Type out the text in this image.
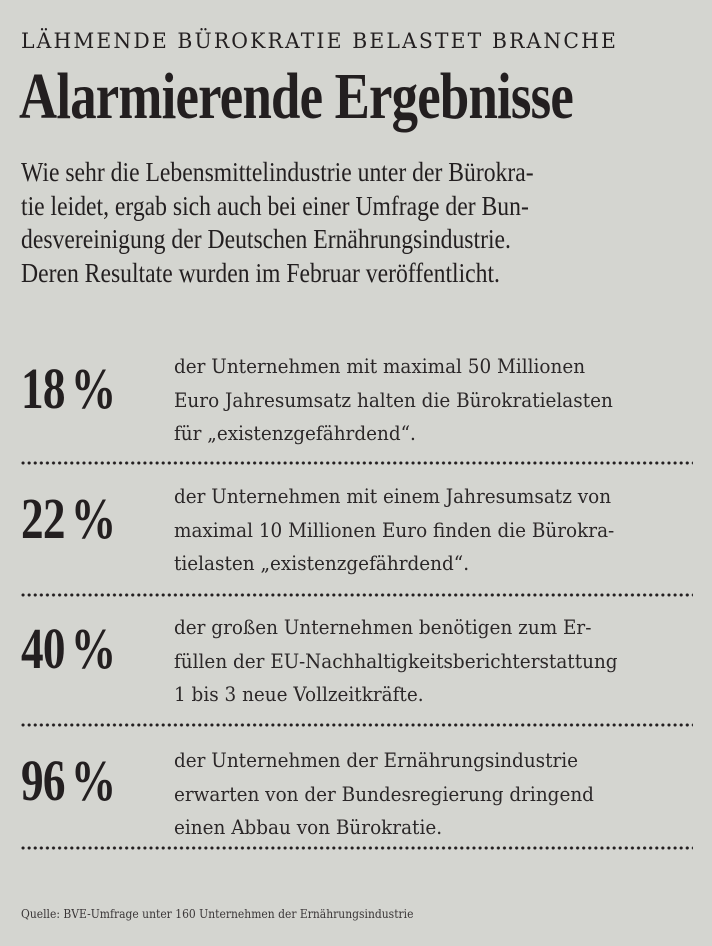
LÄHMENDE BÜROKRATIE BELASTET BRANCHE
Alarmierende Ergebnisse
Wie sehr die Lebensmittelindustrie unter der Bürokra-
tie leidet, ergab sich auch bei einer Umfrage der Bun-
desvereinigung der Deutschen Ernährungsindustrie.
Deren Resultate wurden im Februar veröffentlicht.
18 %	der Unternehmen mit maximal 50 Millionen
Euro Jahresumsatz halten die Bürokratielasten
für „existenzgefährdend“.
22 %	der Unternehmen mit einem Jahresumsatz von
maximal 10 Millionen Euro finden die Bürokra-
tielasten „existenzgefährdend“.
40 %	der großen Unternehmen benötigen zum Er-
füllen der EU-Nachhaltigkeitsberichterstattung
1 bis 3 neue Vollzeitkräfte.
96 %	der Unternehmen der Ernährungsindustrie
erwarten von der Bundesregierung dringend
einen Abbau von Bürokratie.
Quelle: BVE-Umfrage unter 160 Unternehmen der Ernährungsindustrie
